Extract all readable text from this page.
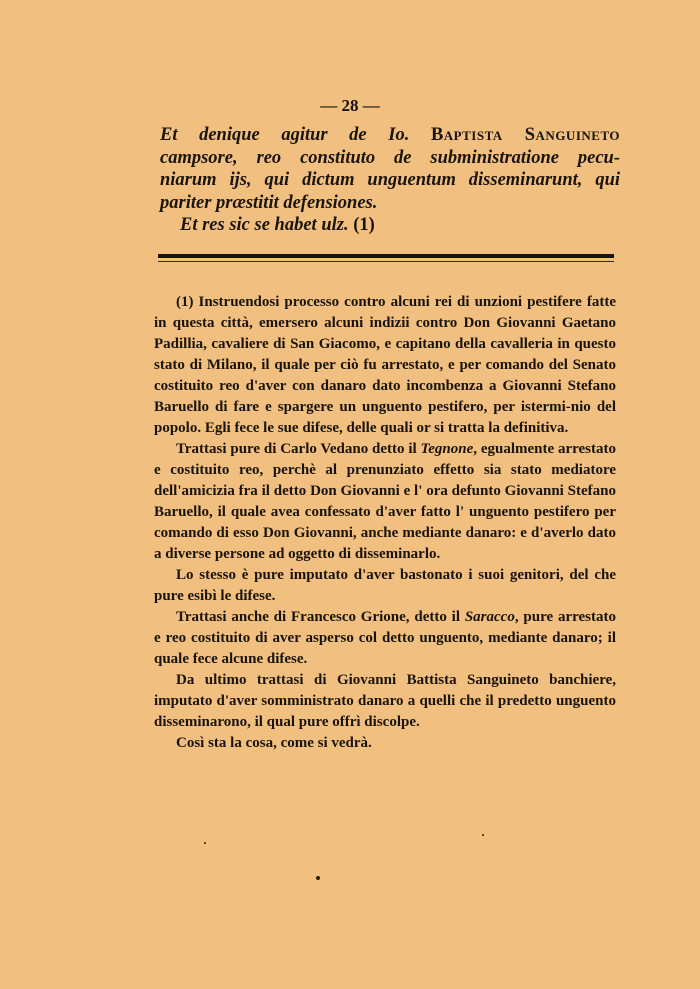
— 28 —
Et denique agitur de Io. Baptista Sanguineto
campsore, reo constituto de subministratione pecu-
niarum ijs, qui dictum unguentum disseminarunt, qui
pariter præstitit defensiones.
Et res sic se habet ulz. (1)

(1) Instruendosi processo contro alcuni rei di unzioni pestifere fatte in questa città, emersero alcuni indizii contro Don Giovanni Gaetano Padillia, cavaliere di San Giacomo, e capitano della cavalleria in questo stato di Milano, il quale per ciò fu arrestato, e per comando del Senato costituito reo d'aver con danaro dato incombenza a Giovanni Stefano Baruello di fare e spargere un unguento pestifero, per istermi-nio del popolo. Egli fece le sue difese, delle quali or si tratta la definitiva.

Trattasi pure di Carlo Vedano detto il Tegnone, egualmente arrestato e costituito reo, perchè al prenunziato effetto sia stato mediatore dell'amicizia fra il detto Don Giovanni e l' ora defunto Giovanni Stefano Baruello, il quale avea confessato d'aver fatto l' unguento pestifero per comando di esso Don Giovanni, anche mediante danaro: e d'averlo dato a diverse persone ad oggetto di disseminarlo.

Lo stesso è pure imputato d'aver bastonato i suoi genitori, del che pure esibì le difese.

Trattasi anche di Francesco Grione, detto il Saracco, pure arrestato e reo costituito di aver asperso col detto unguento, mediante danaro; il quale fece alcune difese.

Da ultimo trattasi di Giovanni Battista Sanguineto banchiere, imputato d'aver somministrato danaro a quelli che il predetto unguento disseminarono, il qual pure offrì discolpe.

Così sta la cosa, come si vedrà.
